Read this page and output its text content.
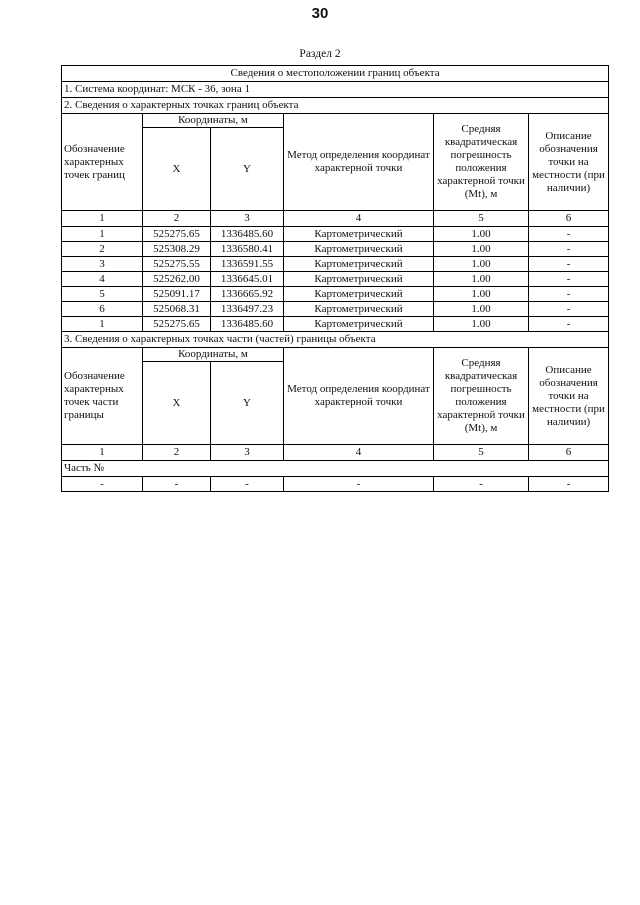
30
Раздел 2
Сведения о местоположении границ объекта					
1. Система координат: МСК - 36, зона 1					
2. Сведения о характерных точках границ объекта					
Обозначение характерных точек границ	Координаты, м		Метод определения координат характерной точки	Средняя квадратическая погрешность положения характерной точки (Mt), м	Описание обозначения точки на местности (при наличии)
	X	Y			
1	2	3	4	5	6
1	525275.65	1336485.60	Картометрический	1.00	-
2	525308.29	1336580.41	Картометрический	1.00	-
3	525275.55	1336591.55	Картометрический	1.00	-
4	525262.00	1336645.01	Картометрический	1.00	-
5	525091.17	1336665.92	Картометрический	1.00	-
6	525068.31	1336497.23	Картометрический	1.00	-
1	525275.65	1336485.60	Картометрический	1.00	-
3. Сведения о характерных точках части (частей) границы объекта					
Обозначение характерных точек части границы	Координаты, м		Метод определения координат характерной точки	Средняя квадратическая погрешность положения характерной точки (Mt), м	Описание обозначения точки на местности (при наличии)
	X	Y			
1	2	3	4	5	6
Часть №					
-	-	-	-	-	-
